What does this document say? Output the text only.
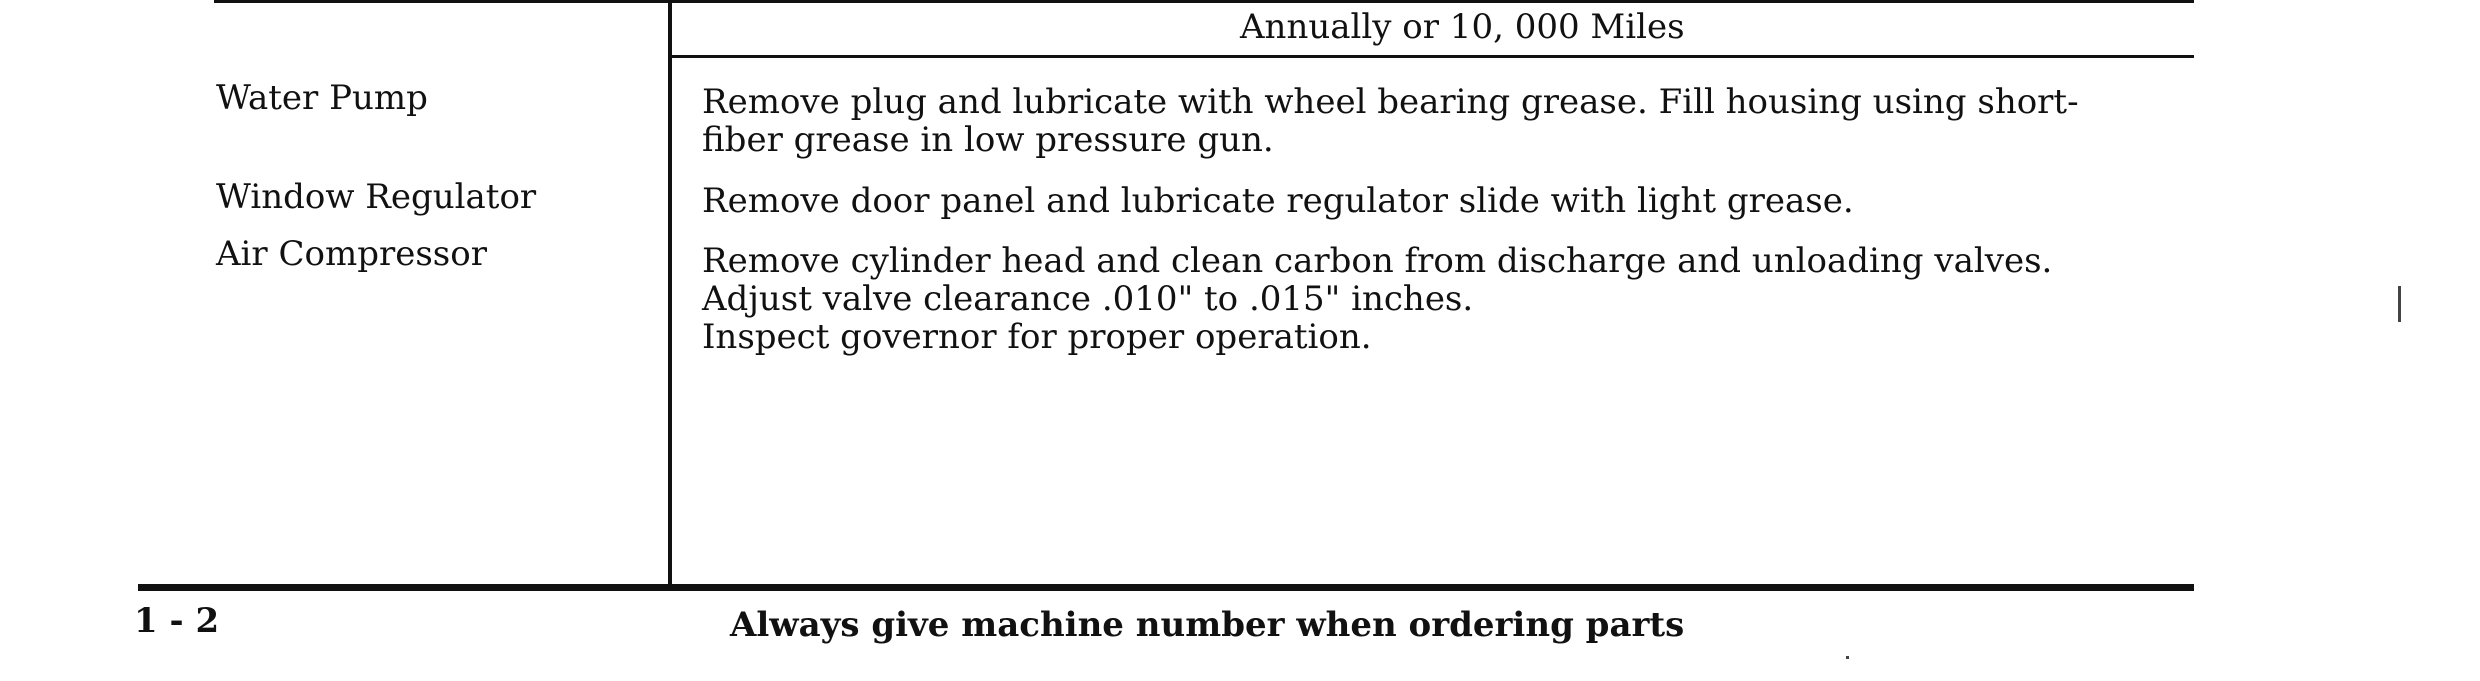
Annually or 10, 000 Miles
Water Pump	Remove plug and lubricate with wheel bearing grease. Fill housing using short-
fiber grease in low pressure gun.
Window Regulator	Remove door panel and lubricate regulator slide with light grease.
Air Compressor	Remove cylinder head and clean carbon from discharge and unloading valves.
Adjust valve clearance .010" to .015" inches.
Inspect governor for proper operation.
1 - 2	Always give machine number when ordering parts
